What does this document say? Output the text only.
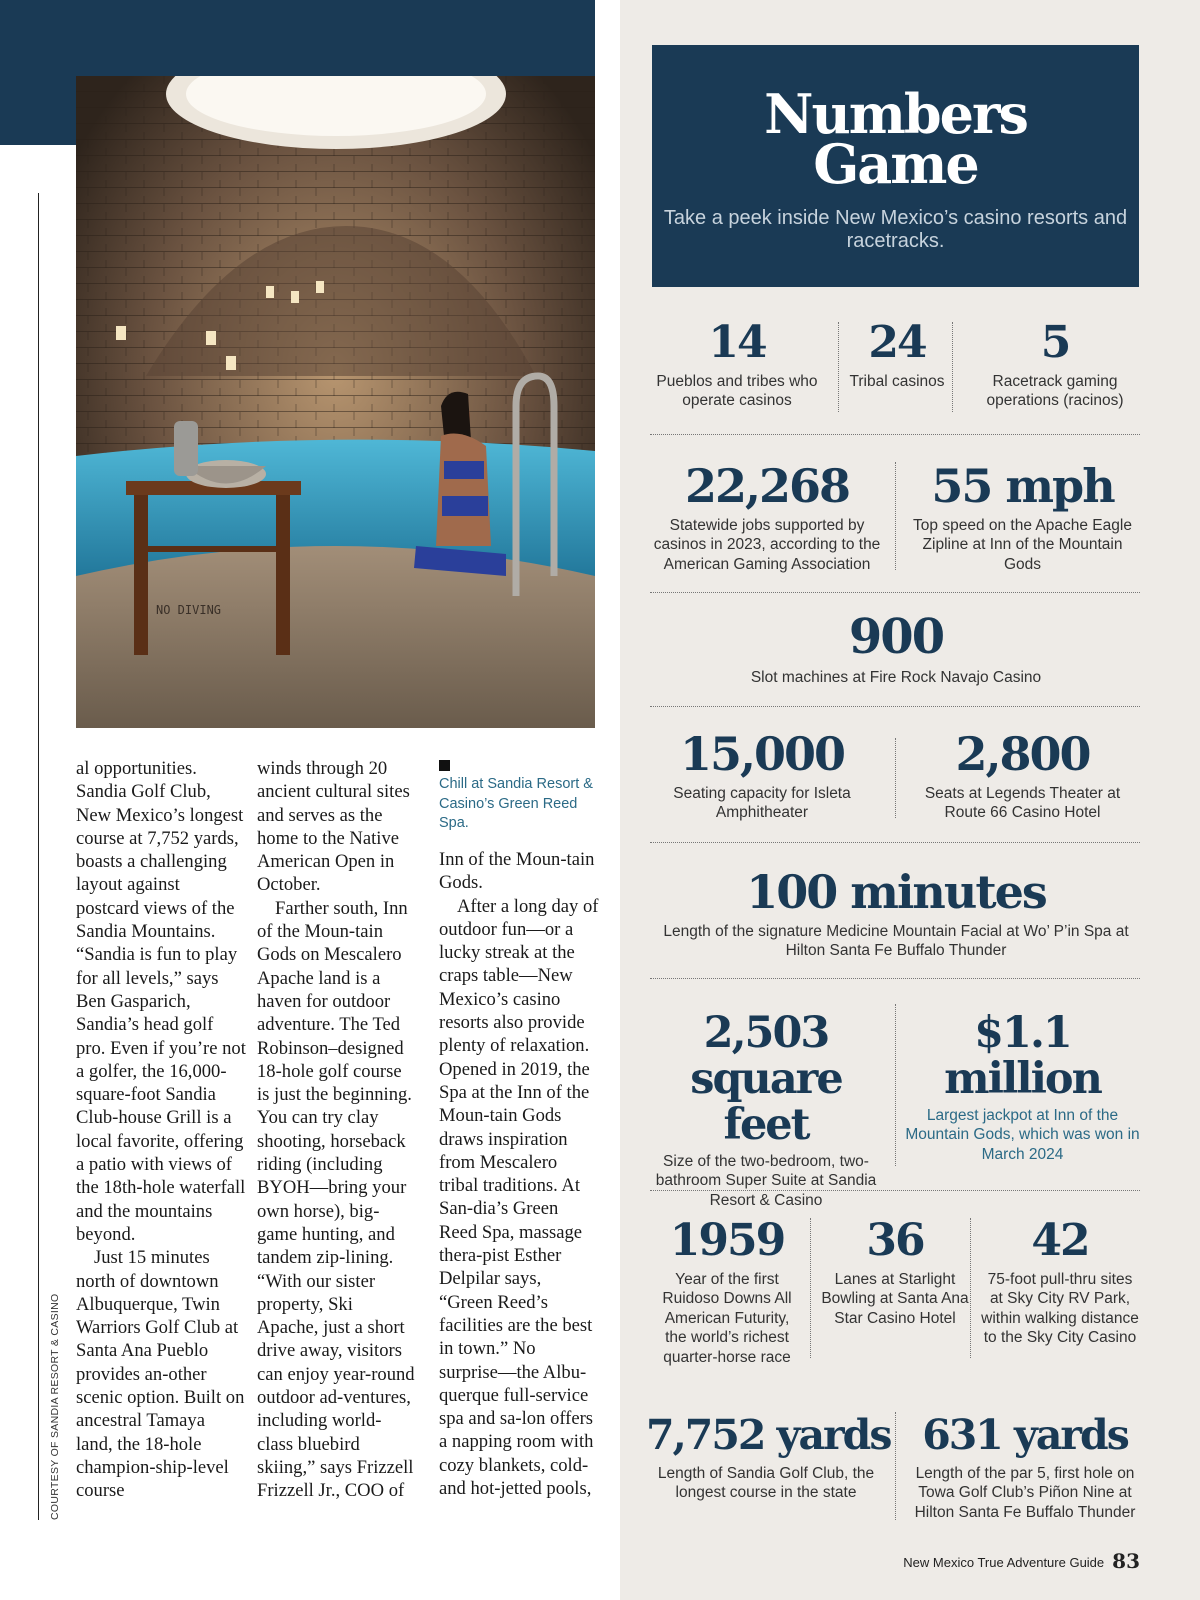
NO DIVING
COURTESY OF SANDIA RESORT & CASINO

al opportunities. Sandia Golf Club, New Mexico’s longest course at 7,752 yards, boasts a challenging layout against postcard views of the Sandia Mountains. “Sandia is fun to play for all levels,” says Ben Gasparich, Sandia’s head golf pro. Even if you’re not a golfer, the 16,000-square-foot Sandia Club-house Grill is a local favorite, offering a patio with views of the 18th-hole waterfall and the mountains beyond.

Just 15 minutes north of downtown Albuquerque, Twin Warriors Golf Club at Santa Ana Pueblo provides an-other scenic option. Built on ancestral Tamaya land, the 18-hole champion-ship-level course

winds through 20 ancient cultural sites and serves as the home to the Native American Open in October.

Farther south, Inn of the Moun-tain Gods on Mescalero Apache land is a haven for outdoor adventure. The Ted Robinson–designed 18-hole golf course is just the beginning. You can try clay shooting, horseback riding (including BYOH—bring your own horse), big-game hunting, and tandem zip-lining. “With our sister property, Ski Apache, just a short drive away, visitors can enjoy year-round outdoor ad-ventures, including world-class bluebird skiing,” says Frizzell Frizzell Jr., COO of

Chill at Sandia Resort & Casino’s Green Reed Spa.

Inn of the Moun-tain Gods.

After a long day of outdoor fun—or a lucky streak at the craps table—New Mexico’s casino resorts also provide plenty of relaxation. Opened in 2019, the Spa at the Inn of the Moun-tain Gods draws inspiration from Mescalero tribal traditions. At San-dia’s Green Reed Spa, massage thera-pist Esther Delpilar says, “Green Reed’s facilities are the best in town.” No surprise—the Albu-querque full-service spa and sa-lon offers a napping room with cozy blankets, cold- and hot-jetted pools,

Numbers
Game
Take a peek inside New Mexico’s casino resorts and racetracks.
14
Pueblos and tribes who operate casinos
24
Tribal casinos
5
Racetrack gaming operations (racinos)
22,268
Statewide jobs supported by casinos in 2023, according to the American Gaming Association
55 mph
Top speed on the Apache Eagle Zipline at Inn of the Mountain Gods
900
Slot machines at Fire Rock Navajo Casino
15,000
Seating capacity for Isleta Amphitheater
2,800
Seats at Legends Theater at Route 66 Casino Hotel
100 minutes
Length of the signature Medicine Mountain Facial at Wo’ P’in Spa at Hilton Santa Fe Buffalo Thunder
2,503 square feet
Size of the two-bedroom, two-bathroom Super Suite at Sandia Resort & Casino
$1.1 million
Largest jackpot at Inn of the Mountain Gods, which was won in March 2024
1959
Year of the first Ruidoso Downs All American Futurity, the world’s richest quarter-horse race
36
Lanes at Starlight Bowling at Santa Ana Star Casino Hotel
42
75-foot pull-thru sites at Sky City RV Park, within walking distance to the Sky City Casino
7,752 yards
Length of Sandia Golf Club, the longest course in the state
631 yards
Length of the par 5, first hole on Towa Golf Club’s Piñon Nine at Hilton Santa Fe Buffalo Thunder
New Mexico True Adventure Guide 83
